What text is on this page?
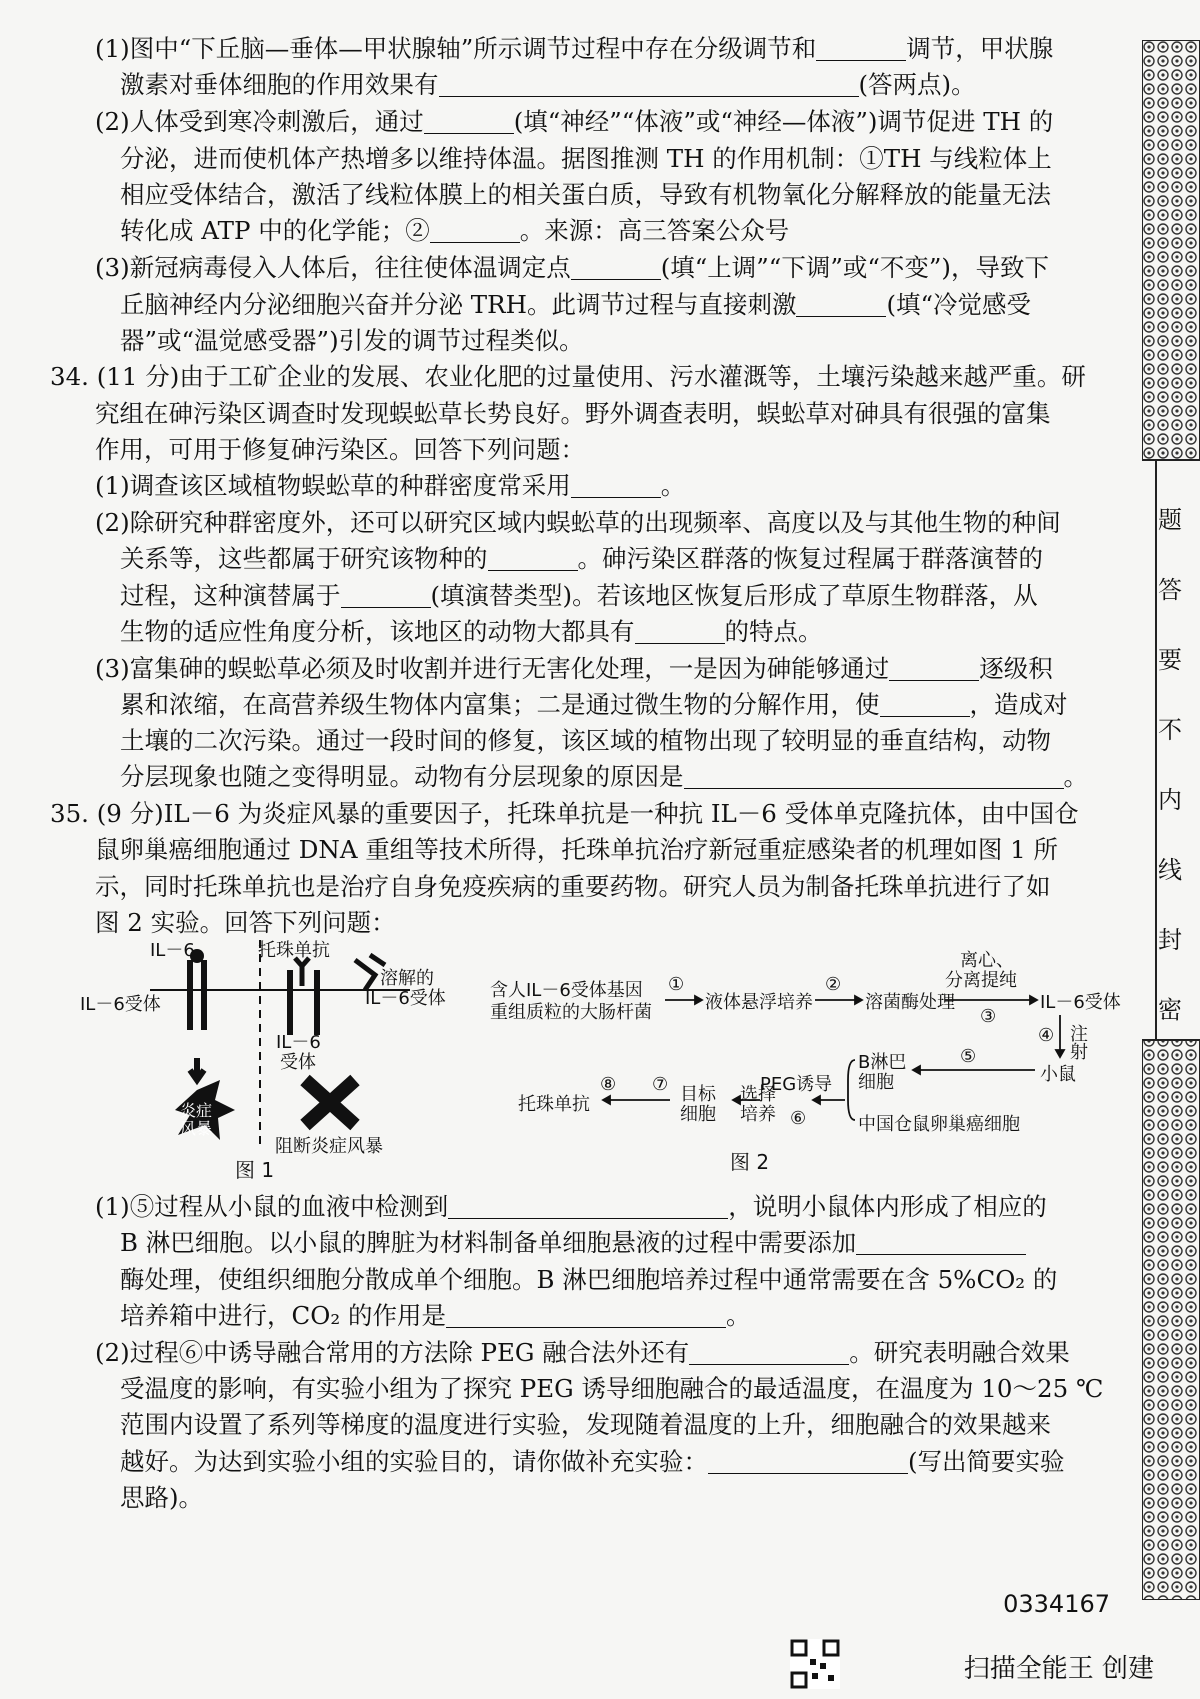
题
答
要
不
内
线
封
密
(1)图中“下丘脑—垂体—甲状腺轴”所示调节过程中存在分级调节和	调节，甲状腺
激素对垂体细胞的作用效果有	(答两点)。
(2)人体受到寒冷刺激后，通过	(填“神经”“体液”或“神经—体液”)调节促进 TH 的
分泌，进而使机体产热增多以维持体温。据图推测 TH 的作用机制：①TH 与线粒体上
相应受体结合，激活了线粒体膜上的相关蛋白质，导致有机物氧化分解释放的能量无法
转化成 ATP 中的化学能；②	。来源：高三答案公众号
(3)新冠病毒侵入人体后，往往使体温调定点	(填“上调”“下调”或“不变”)，导致下
丘脑神经内分泌细胞兴奋并分泌 TRH。此调节过程与直接刺激	(填“冷觉感受
器”或“温觉感受器”)引发的调节过程类似。
34. (11 分)由于工矿企业的发展、农业化肥的过量使用、污水灌溉等，土壤污染越来越严重。研
究组在砷污染区调查时发现蜈蚣草长势良好。野外调查表明，蜈蚣草对砷具有很强的富集
作用，可用于修复砷污染区。回答下列问题：
(1)调查该区域植物蜈蚣草的种群密度常采用	。
(2)除研究种群密度外，还可以研究区域内蜈蚣草的出现频率、高度以及与其他生物的种间
关系等，这些都属于研究该物种的	。砷污染区群落的恢复过程属于群落演替的
过程，这种演替属于	(填演替类型)。若该地区恢复后形成了草原生物群落，从
生物的适应性角度分析，该地区的动物大都具有	的特点。
(3)富集砷的蜈蚣草必须及时收割并进行无害化处理，一是因为砷能够通过	逐级积
累和浓缩，在高营养级生物体内富集；二是通过微生物的分解作用，使	，造成对
土壤的二次污染。通过一段时间的修复，该区域的植物出现了较明显的垂直结构，动物
分层现象也随之变得明显。动物有分层现象的原因是	。
35. (9 分)IL－6 为炎症风暴的重要因子，托珠单抗是一种抗 IL－6 受体单克隆抗体，由中国仓
鼠卵巢癌细胞通过 DNA 重组等技术所得，托珠单抗治疗新冠重症感染者的机理如图 1 所
示，同时托珠单抗也是治疗自身免疫疾病的重要药物。研究人员为制备托珠单抗进行了如
图 2 实验。回答下列问题：
IL－6
IL－6受体
托珠单抗
溶解的
IL－6受体
IL－6
受体
炎症
风暴
阻断炎症风暴
图 1
含人IL－6受体基因
重组质粒的大肠杆菌	液体悬浮培养	溶菌酶处理
离心、
分离提纯
IL－6受体
注
射
小鼠
B淋巴
细胞
PEG诱导
中国仓鼠卵巢癌细胞
选择
培养
目标
细胞
托珠单抗
①	②
③
④
⑤
⑥
⑦
⑧
图 2
(1)⑤过程从小鼠的血液中检测到	，说明小鼠体内形成了相应的
B 淋巴细胞。以小鼠的脾脏为材料制备单细胞悬液的过程中需要添加
酶处理，使组织细胞分散成单个细胞。B 淋巴细胞培养过程中通常需要在含 5%CO₂ 的
培养箱中进行，CO₂ 的作用是	。
(2)过程⑥中诱导融合常用的方法除 PEG 融合法外还有	。研究表明融合效果
受温度的影响，有实验小组为了探究 PEG 诱导细胞融合的最适温度，在温度为 10～25 ℃
范围内设置了系列等梯度的温度进行实验，发现随着温度的上升，细胞融合的效果越来
越好。为达到实验小组的实验目的，请你做补充实验：	(写出简要实验
思路)。
0334167
扫描全能王 创建
